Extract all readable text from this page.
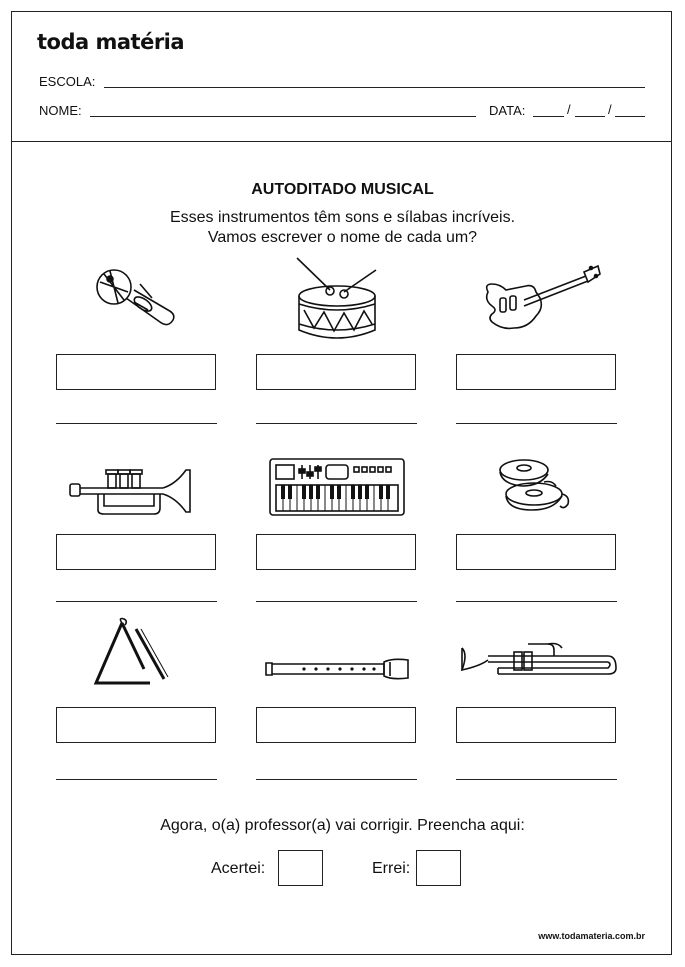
toda matéria
ESCOLA:
NOME:	DATA:	/	/
AUTODITADO MUSICAL
Esses instrumentos têm sons e sílabas incríveis.
Vamos escrever o nome de cada um?
Agora, o(a) professor(a) vai corrigir. Preencha aqui:
Acertei:	Errei:
www.todamateria.com.br
